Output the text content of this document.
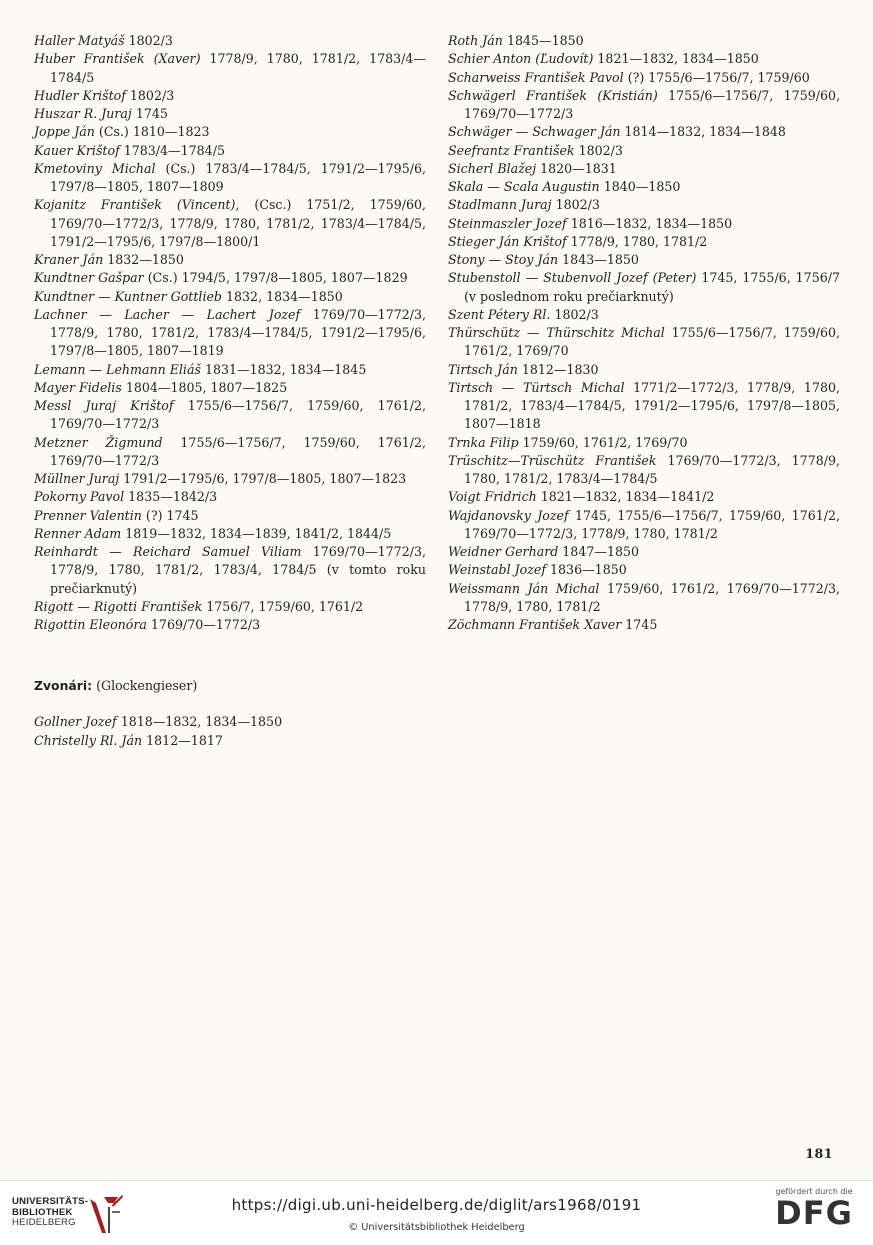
Haller Matyáš 1802/3
Huber František (Xaver) 1778/9, 1780, 1781/2, 1783/4—1784/5
Hudler Krištof 1802/3
Huszar R. Juraj 1745
Joppe Ján (Cs.) 1810—1823
Kauer Krištof 1783/4—1784/5
Kmetoviny Michal (Cs.) 1783/4—1784/5, 1791/2—1795/6, 1797/8—1805, 1807—1809
Kojanitz František (Vincent), (Csc.) 1751/2, 1759/60, 1769/70—1772/3, 1778/9, 1780, 1781/2, 1783/4—1784/5, 1791/2—1795/6, 1797/8—1800/1
Kraner Ján 1832—1850
Kundtner Gašpar (Cs.) 1794/5, 1797/8—1805, 1807—1829
Kundtner — Kuntner Gottlieb 1832, 1834—1850
Lachner — Lacher — Lachert Jozef 1769/70—1772/3, 1778/9, 1780, 1781/2, 1783/4—1784/5, 1791/2—1795/6, 1797/8—1805, 1807—1819
Lemann — Lehmann Eliáš 1831—1832, 1834—1845
Mayer Fidelis 1804—1805, 1807—1825
Messl Juraj Krištof 1755/6—1756/7, 1759/60, 1761/2, 1769/70—1772/3
Metzner Žigmund 1755/6—1756/7, 1759/60, 1761/2, 1769/70—1772/3
Müllner Juraj 1791/2—1795/6, 1797/8—1805, 1807—1823
Pokorny Pavol 1835—1842/3
Prenner Valentin (?) 1745
Renner Adam 1819—1832, 1834—1839, 1841/2, 1844/5
Reinhardt — Reichard Samuel Viliam 1769/70—1772/3, 1778/9, 1780, 1781/2, 1783/4, 1784/5 (v tomto roku prečiarknutý)
Rigott — Rigotti František 1756/7, 1759/60, 1761/2
Rigottin Eleonóra 1769/70—1772/3
Roth Ján 1845—1850
Schier Anton (Ľudovít) 1821—1832, 1834—1850
Scharweiss František Pavol (?) 1755/6—1756/7, 1759/60
Schwägerl František (Kristián) 1755/6—1756/7, 1759/60, 1769/70—1772/3
Schwäger — Schwager Ján 1814—1832, 1834—1848
Seefrantz František 1802/3
Sicherl Blažej 1820—1831
Skala — Scala Augustin 1840—1850
Stadlmann Juraj 1802/3
Steinmaszler Jozef 1816—1832, 1834—1850
Stieger Ján Krištof 1778/9, 1780, 1781/2
Stony — Stoy Ján 1843—1850
Stubenstoll — Stubenvoll Jozef (Peter) 1745, 1755/6, 1756/7 (v poslednom roku prečiarknutý)
Szent Pétery Rl. 1802/3
Thürschütz — Thürschitz Michal 1755/6—1756/7, 1759/60, 1761/2, 1769/70
Tirtsch Ján 1812—1830
Tirtsch — Türtsch Michal 1771/2—1772/3, 1778/9, 1780, 1781/2, 1783/4—1784/5, 1791/2—1795/6, 1797/8—1805, 1807—1818
Trnka Filip 1759/60, 1761/2, 1769/70
Trüschitz—Trüschütz František 1769/70—1772/3, 1778/9, 1780, 1781/2, 1783/4—1784/5
Voigt Fridrich 1821—1832, 1834—1841/2
Wajdanovsky Jozef 1745, 1755/6—1756/7, 1759/60, 1761/2, 1769/70—1772/3, 1778/9, 1780, 1781/2
Weidner Gerhard 1847—1850
Weinstabl Jozef 1836—1850
Weissmann Ján Michal 1759/60, 1761/2, 1769/70—1772/3, 1778/9, 1780, 1781/2
Zöchmann František Xaver 1745
Zvonári: (Glockengieser)
Gollner Jozef 1818—1832, 1834—1850
Christelly Rl. Ján 1812—1817
181
UNIVERSITÄTS-
BIBLIOTHEK
HEIDELBERG
https://digi.ub.uni-heidelberg.de/diglit/ars1968/0191
© Universitätsbibliothek Heidelberg
gefördert durch die
DFG
